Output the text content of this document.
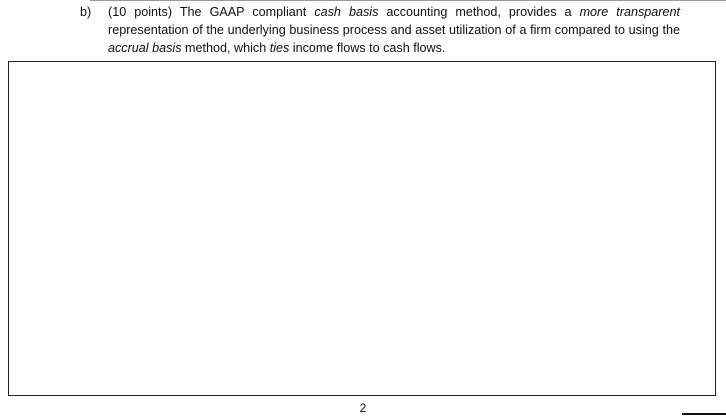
b) (10 points) The GAAP compliant cash basis accounting method, provides a more transparent representation of the underlying business process and asset utilization of a firm compared to using the accrual basis method, which ties income flows to cash flows.
2
